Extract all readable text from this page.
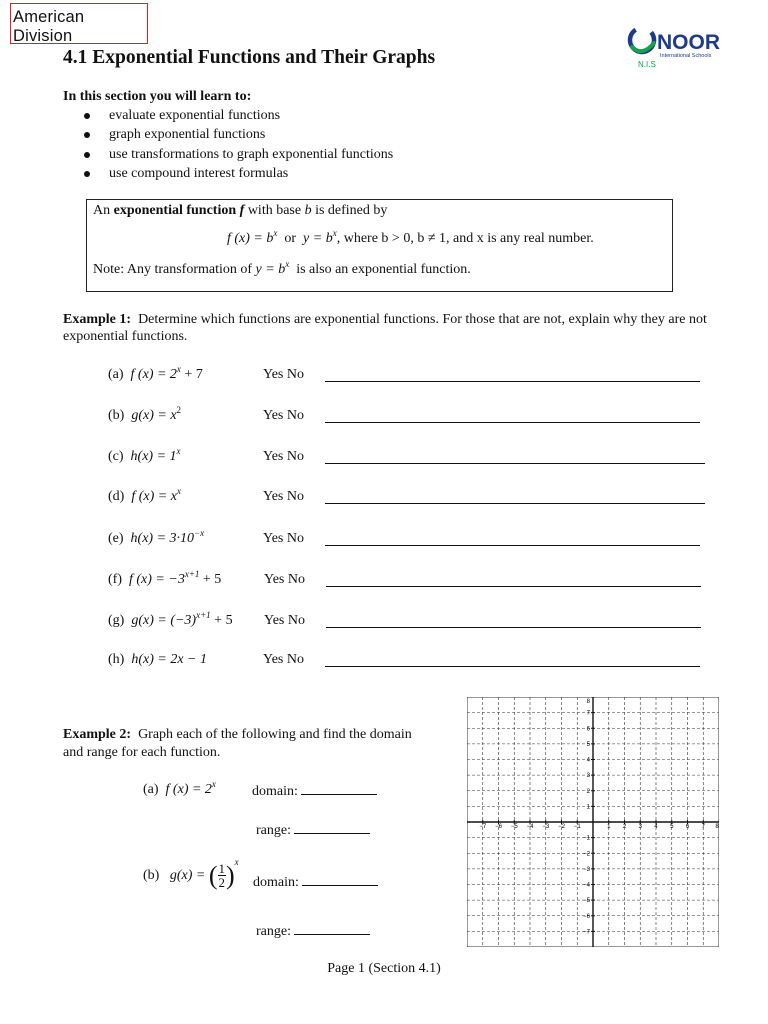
American Division	NOOR
International Schools
N.I.S
4.1 Exponential Functions and Their Graphs
In this section you will learn to:
evaluate exponential functions
graph exponential functions
use transformations to graph exponential functions
use compound interest formulas
An exponential function f with base b is defined by
f $(x) = b^x$ or $y = b^x$, where b > 0, b ≠ 1, and x is any real number.
Note: Any transformation of $y = b^x$ is also an exponential function.
Example 1: Determine which functions are exponential functions. For those that are not, explain why they are not exponential functions.
(a) f $(x) = 2^x + 7$	Yes No
(b) $g(x) = x^2$	Yes No
(c) $h(x) = 1^x$	Yes No
(d) f $(x) = x^x$	Yes No
(e) $h(x) = 3\cdot 10^{-x}$	Yes No
(f) f $(x) = -3^{x+1} + 5$	Yes No
(g) $g(x) = (-3)^{x+1} + 5$ Yes No
(h) h(x) = 2x − 1	Yes No
Example 2: Graph each of the following and find the domain and range for each function.
(a) f $(x) = 2^x$	domain:
range:
(b) g(x) = ( $\frac{1}{2} )^x$
domain:
range:
−7 −6 −5 −4 −3 −2 −1	1 2 3 4 5 6 7 8
8
7
6
5
4
3
2
1
−1
−2
−3
−4
−5
−6
−7
Page 1 (Section 4.1)
